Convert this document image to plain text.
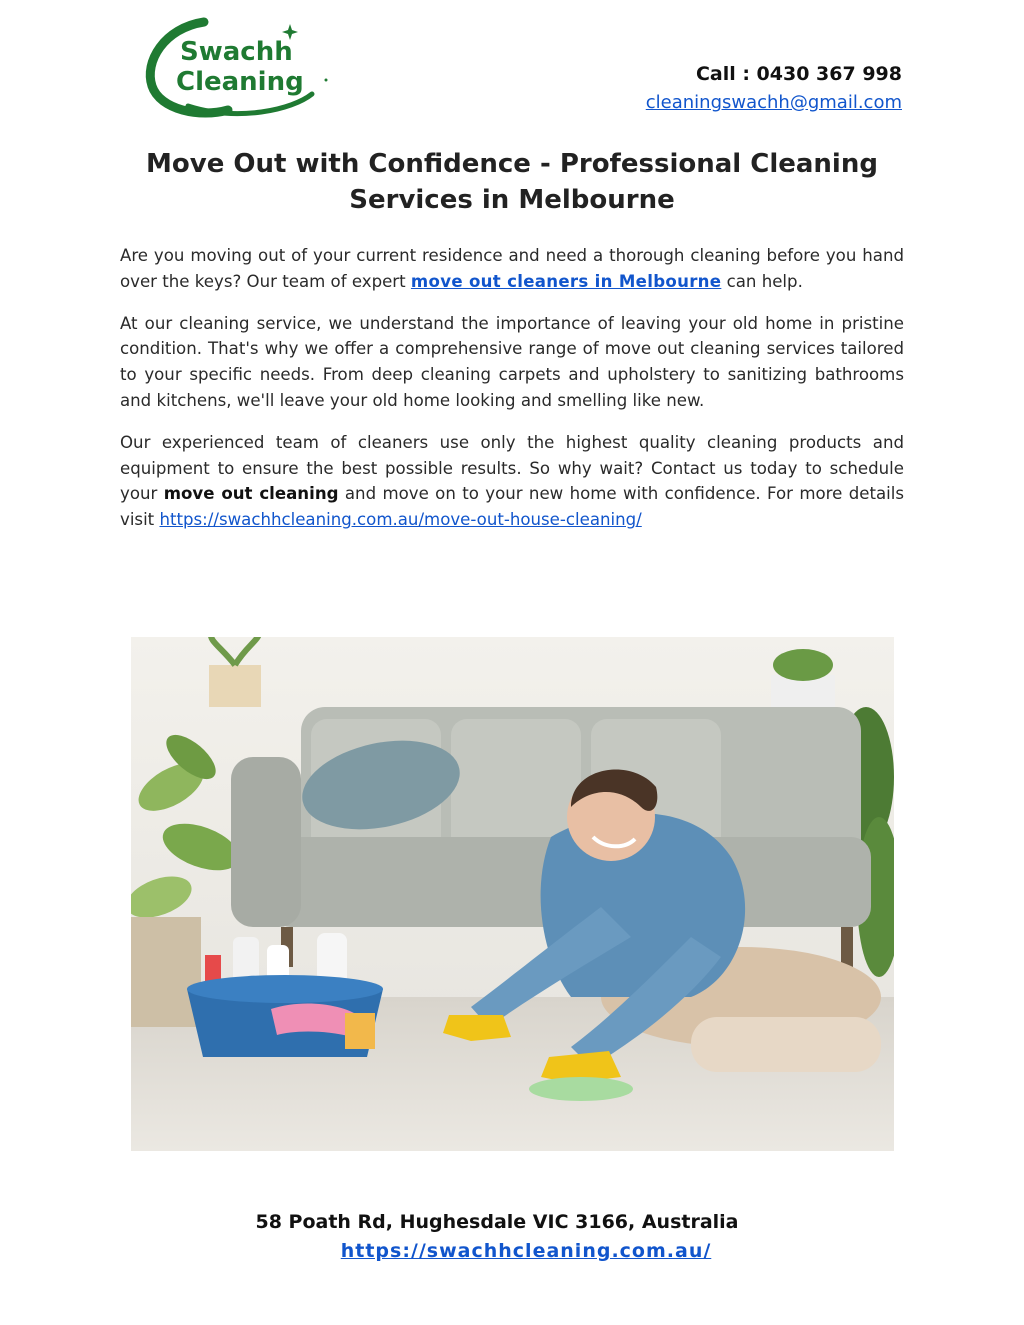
Swachh
Cleaning	Call : 0430 367 998
cleaningswachh@gmail.com
Move Out with Confidence - Professional Cleaning Services in Melbourne

Are you moving out of your current residence and need a thorough cleaning before you hand over the keys? Our team of expert move out cleaners in Melbourne can help.

At our cleaning service, we understand the importance of leaving your old home in pristine condition. That's why we offer a comprehensive range of move out cleaning services tailored to your specific needs. From deep cleaning carpets and upholstery to sanitizing bathrooms and kitchens, we'll leave your old home looking and smelling like new.

Our experienced team of cleaners use only the highest quality cleaning products and equipment to ensure the best possible results. So why wait? Contact us today to schedule your move out cleaning and move on to your new home with confidence. For more details visit https://swachhcleaning.com.au/move-out-house-cleaning/

58 Poath Rd, Hughesdale VIC 3166, Australia
https://swachhcleaning.com.au/
